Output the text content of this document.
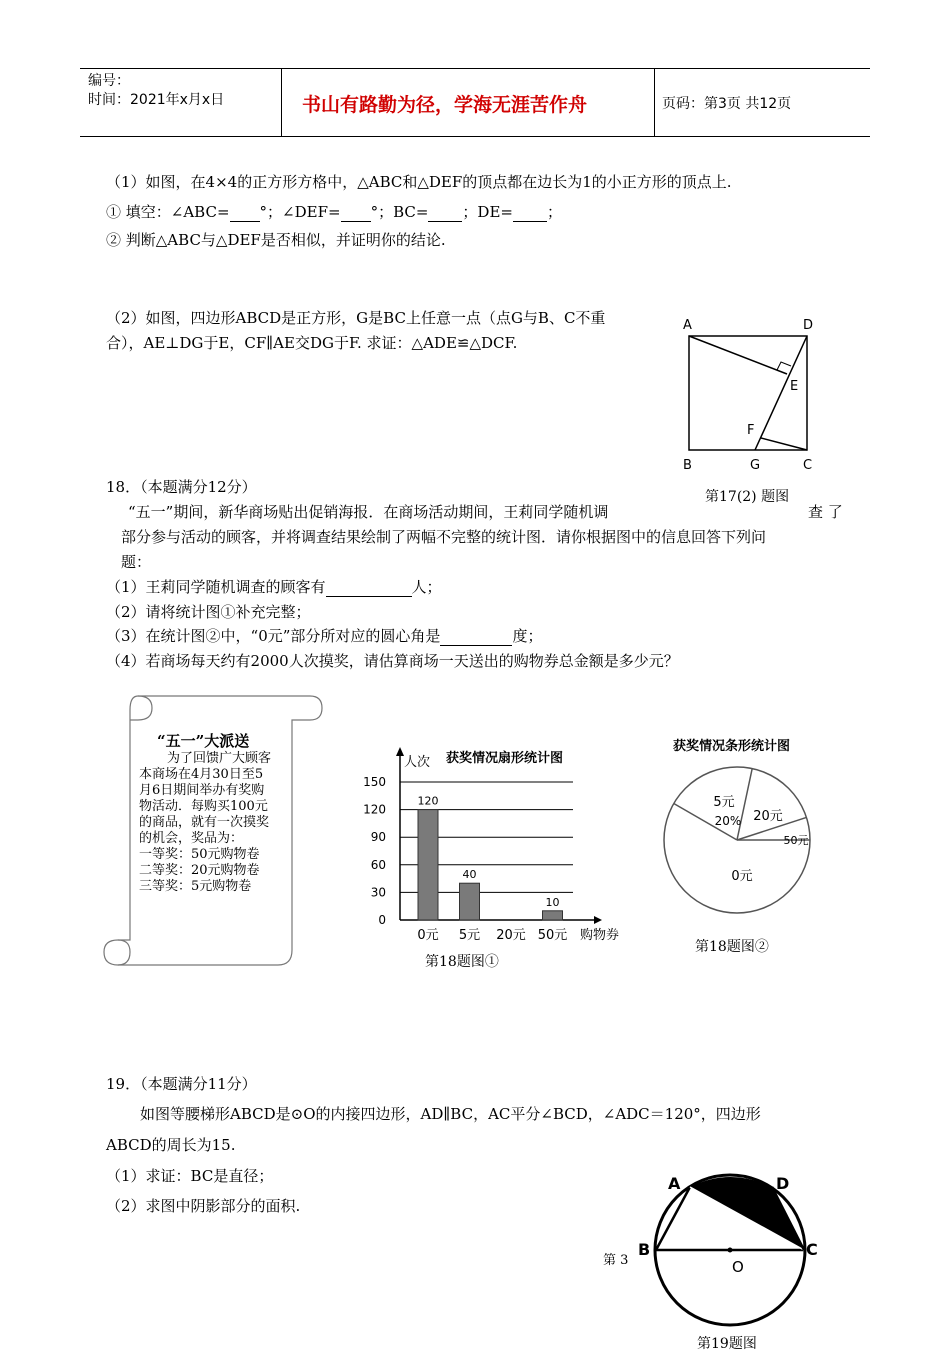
编号：
时间：2021年x月x日	书山有路勤为径，学海无涯苦作舟	页码：第3页 共12页
（1）如图，在4×4的正方形方格中，△ABC和△DEF的顶点都在边长为1的小正方形的顶点上.
① 填空：∠ABC= °；∠DEF= °；BC= ；DE= ；
② 判断△ABC与△DEF是否相似，并证明你的结论.
（2）如图，四边形ABCD是正方形，G是BC上任意一点（点G与B、C不重
合），AE⊥DG于E，CF∥AE交DG于F. 求证：△ADE≌△DCF.
A	D
E
F
B	G	C
第17(2) 题图
18．（本题满分12分）
“五一”期间，新华商场贴出促销海报．在商场活动期间，王莉同学随机调	查 了
部分参与活动的顾客，并将调查结果绘制了两幅不完整的统计图．请你根据图中的信息回答下列问
题：
（1）王莉同学随机调查的顾客有	人；
（2）请将统计图①补充完整；
（3）在统计图②中，“0元”部分所对应的圆心角是	度；
（4）若商场每天约有2000人次摸奖，请估算商场一天送出的购物券总金额是多少元？
“五一”大派送
为了回馈广大顾客
本商场在4月30日至5
月6日期间举办有奖购
物活动．每购买100元
的商品，就有一次摸奖
的机会，奖品为：
一等奖：50元购物卷
二等奖：20元购物卷
三等奖：5元购物卷
获奖情况扇形统计图
人次
购物券
0
30
60
90
120
150
120
0元
40
5元 20元
10
50元
第18题图①
获奖情况条形统计图
5元
20元
50元
0元
20%
第18题图②
19．（本题满分11分）
如图等腰梯形ABCD是⊙O的内接四边形，AD∥BC，AC平分∠BCD，∠ADC＝120°，四边形
ABCD的周长为15.
（1）求证：BC是直径；
（2）求图中阴影部分的面积.
第 3
A	D
B	C
O
第19题图
